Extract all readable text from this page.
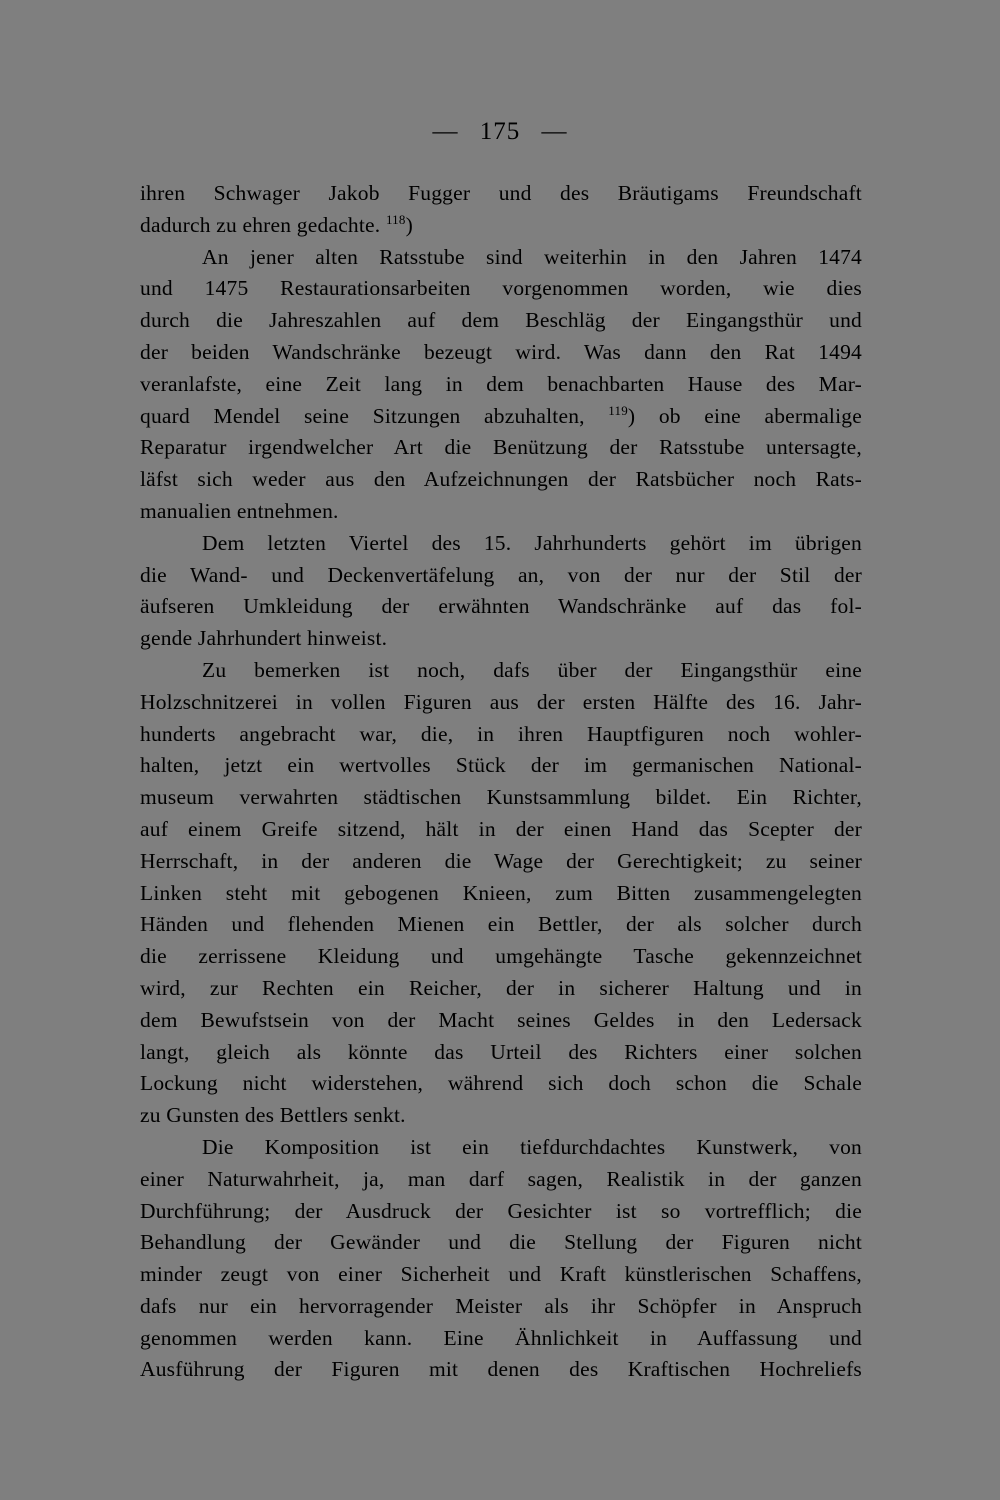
— 175 —
ihren Schwager Jakob Fugger und des Bräutigams Freundschaft
dadurch zu ehren gedachte. $^{118}$)
An jener alten Ratsstube sind weiterhin in den Jahren 1474
und 1475 Restaurationsarbeiten vorgenommen worden, wie dies
durch die Jahreszahlen auf dem Beschläg der Eingangsthür und
der beiden Wandschränke bezeugt wird. Was dann den Rat 1494
veranlafste, eine Zeit lang in dem benachbarten Hause des Mar-
quard Mendel seine Sitzungen abzuhalten, $^{119}$) ob eine abermalige
Reparatur irgendwelcher Art die Benützung der Ratsstube untersagte,
läfst sich weder aus den Aufzeichnungen der Ratsbücher noch Rats-
manualien entnehmen.
Dem letzten Viertel des 15. Jahrhunderts gehört im übrigen
die Wand- und Deckenvertäfelung an, von der nur der Stil der
äufseren Umkleidung der erwähnten Wandschränke auf das fol-
gende Jahrhundert hinweist.
Zu bemerken ist noch, dafs über der Eingangsthür eine
Holzschnitzerei in vollen Figuren aus der ersten Hälfte des 16. Jahr-
hunderts angebracht war, die, in ihren Hauptfiguren noch wohler-
halten, jetzt ein wertvolles Stück der im germanischen National-
museum verwahrten städtischen Kunstsammlung bildet. Ein Richter,
auf einem Greife sitzend, hält in der einen Hand das Scepter der
Herrschaft, in der anderen die Wage der Gerechtigkeit; zu seiner
Linken steht mit gebogenen Knieen, zum Bitten zusammengelegten
Händen und flehenden Mienen ein Bettler, der als solcher durch
die zerrissene Kleidung und umgehängte Tasche gekennzeichnet
wird, zur Rechten ein Reicher, der in sicherer Haltung und in
dem Bewufstsein von der Macht seines Geldes in den Ledersack
langt, gleich als könnte das Urteil des Richters einer solchen
Lockung nicht widerstehen, während sich doch schon die Schale
zu Gunsten des Bettlers senkt.
Die Komposition ist ein tiefdurchdachtes Kunstwerk, von
einer Naturwahrheit, ja, man darf sagen, Realistik in der ganzen
Durchführung; der Ausdruck der Gesichter ist so vortrefflich; die
Behandlung der Gewänder und die Stellung der Figuren nicht
minder zeugt von einer Sicherheit und Kraft künstlerischen Schaffens,
dafs nur ein hervorragender Meister als ihr Schöpfer in Anspruch
genommen werden kann. Eine Ähnlichkeit in Auffassung und
Ausführung der Figuren mit denen des Kraftischen Hochreliefs
